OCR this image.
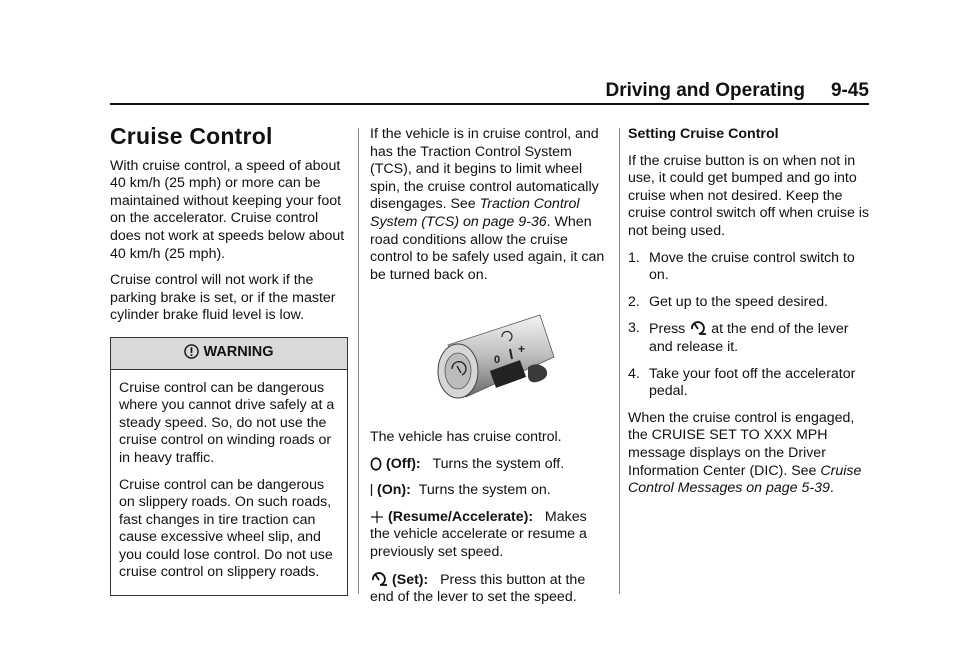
Driving and Operating 9-45
Cruise Control

With cruise control, a speed of about 40 km/h (25 mph) or more can be maintained without keeping your foot on the accelerator. Cruise control does not work at speeds below about 40 km/h (25 mph).

Cruise control will not work if the parking brake is set, or if the master cylinder brake fluid level is low.

WARNING

Cruise control can be dangerous where you cannot drive safely at a steady speed. So, do not use the cruise control on winding roads or in heavy traffic.

Cruise control can be dangerous on slippery roads. On such roads, fast changes in tire traction can cause excessive wheel slip, and you could lose control. Do not use cruise control on slippery roads.

If the vehicle is in cruise control, and has the Traction Control System (TCS), and it begins to limit wheel spin, the cruise control automatically disengages. See Traction Control System (TCS) on page 9-36. When road conditions allow the cruise control to be safely used again, it can be turned back on.

0
+

The vehicle has cruise control.

(Off): Turns the system off.

(On): Turns the system on.

(Resume/Accelerate): Makes the vehicle accelerate or resume a previously set speed.

(Set): Press this button at the end of the lever to set the speed.

Setting Cruise Control

If the cruise button is on when not in use, it could get bumped and go into cruise when not desired. Keep the cruise control switch off when cruise is not being used.

1. Move the cruise control switch to on.
2. Get up to the speed desired.
3. Press at the end of the lever and release it.
4. Take your foot off the accelerator pedal.

When the cruise control is engaged, the CRUISE SET TO XXX MPH message displays on the Driver Information Center (DIC). See Cruise Control Messages on page 5-39.
